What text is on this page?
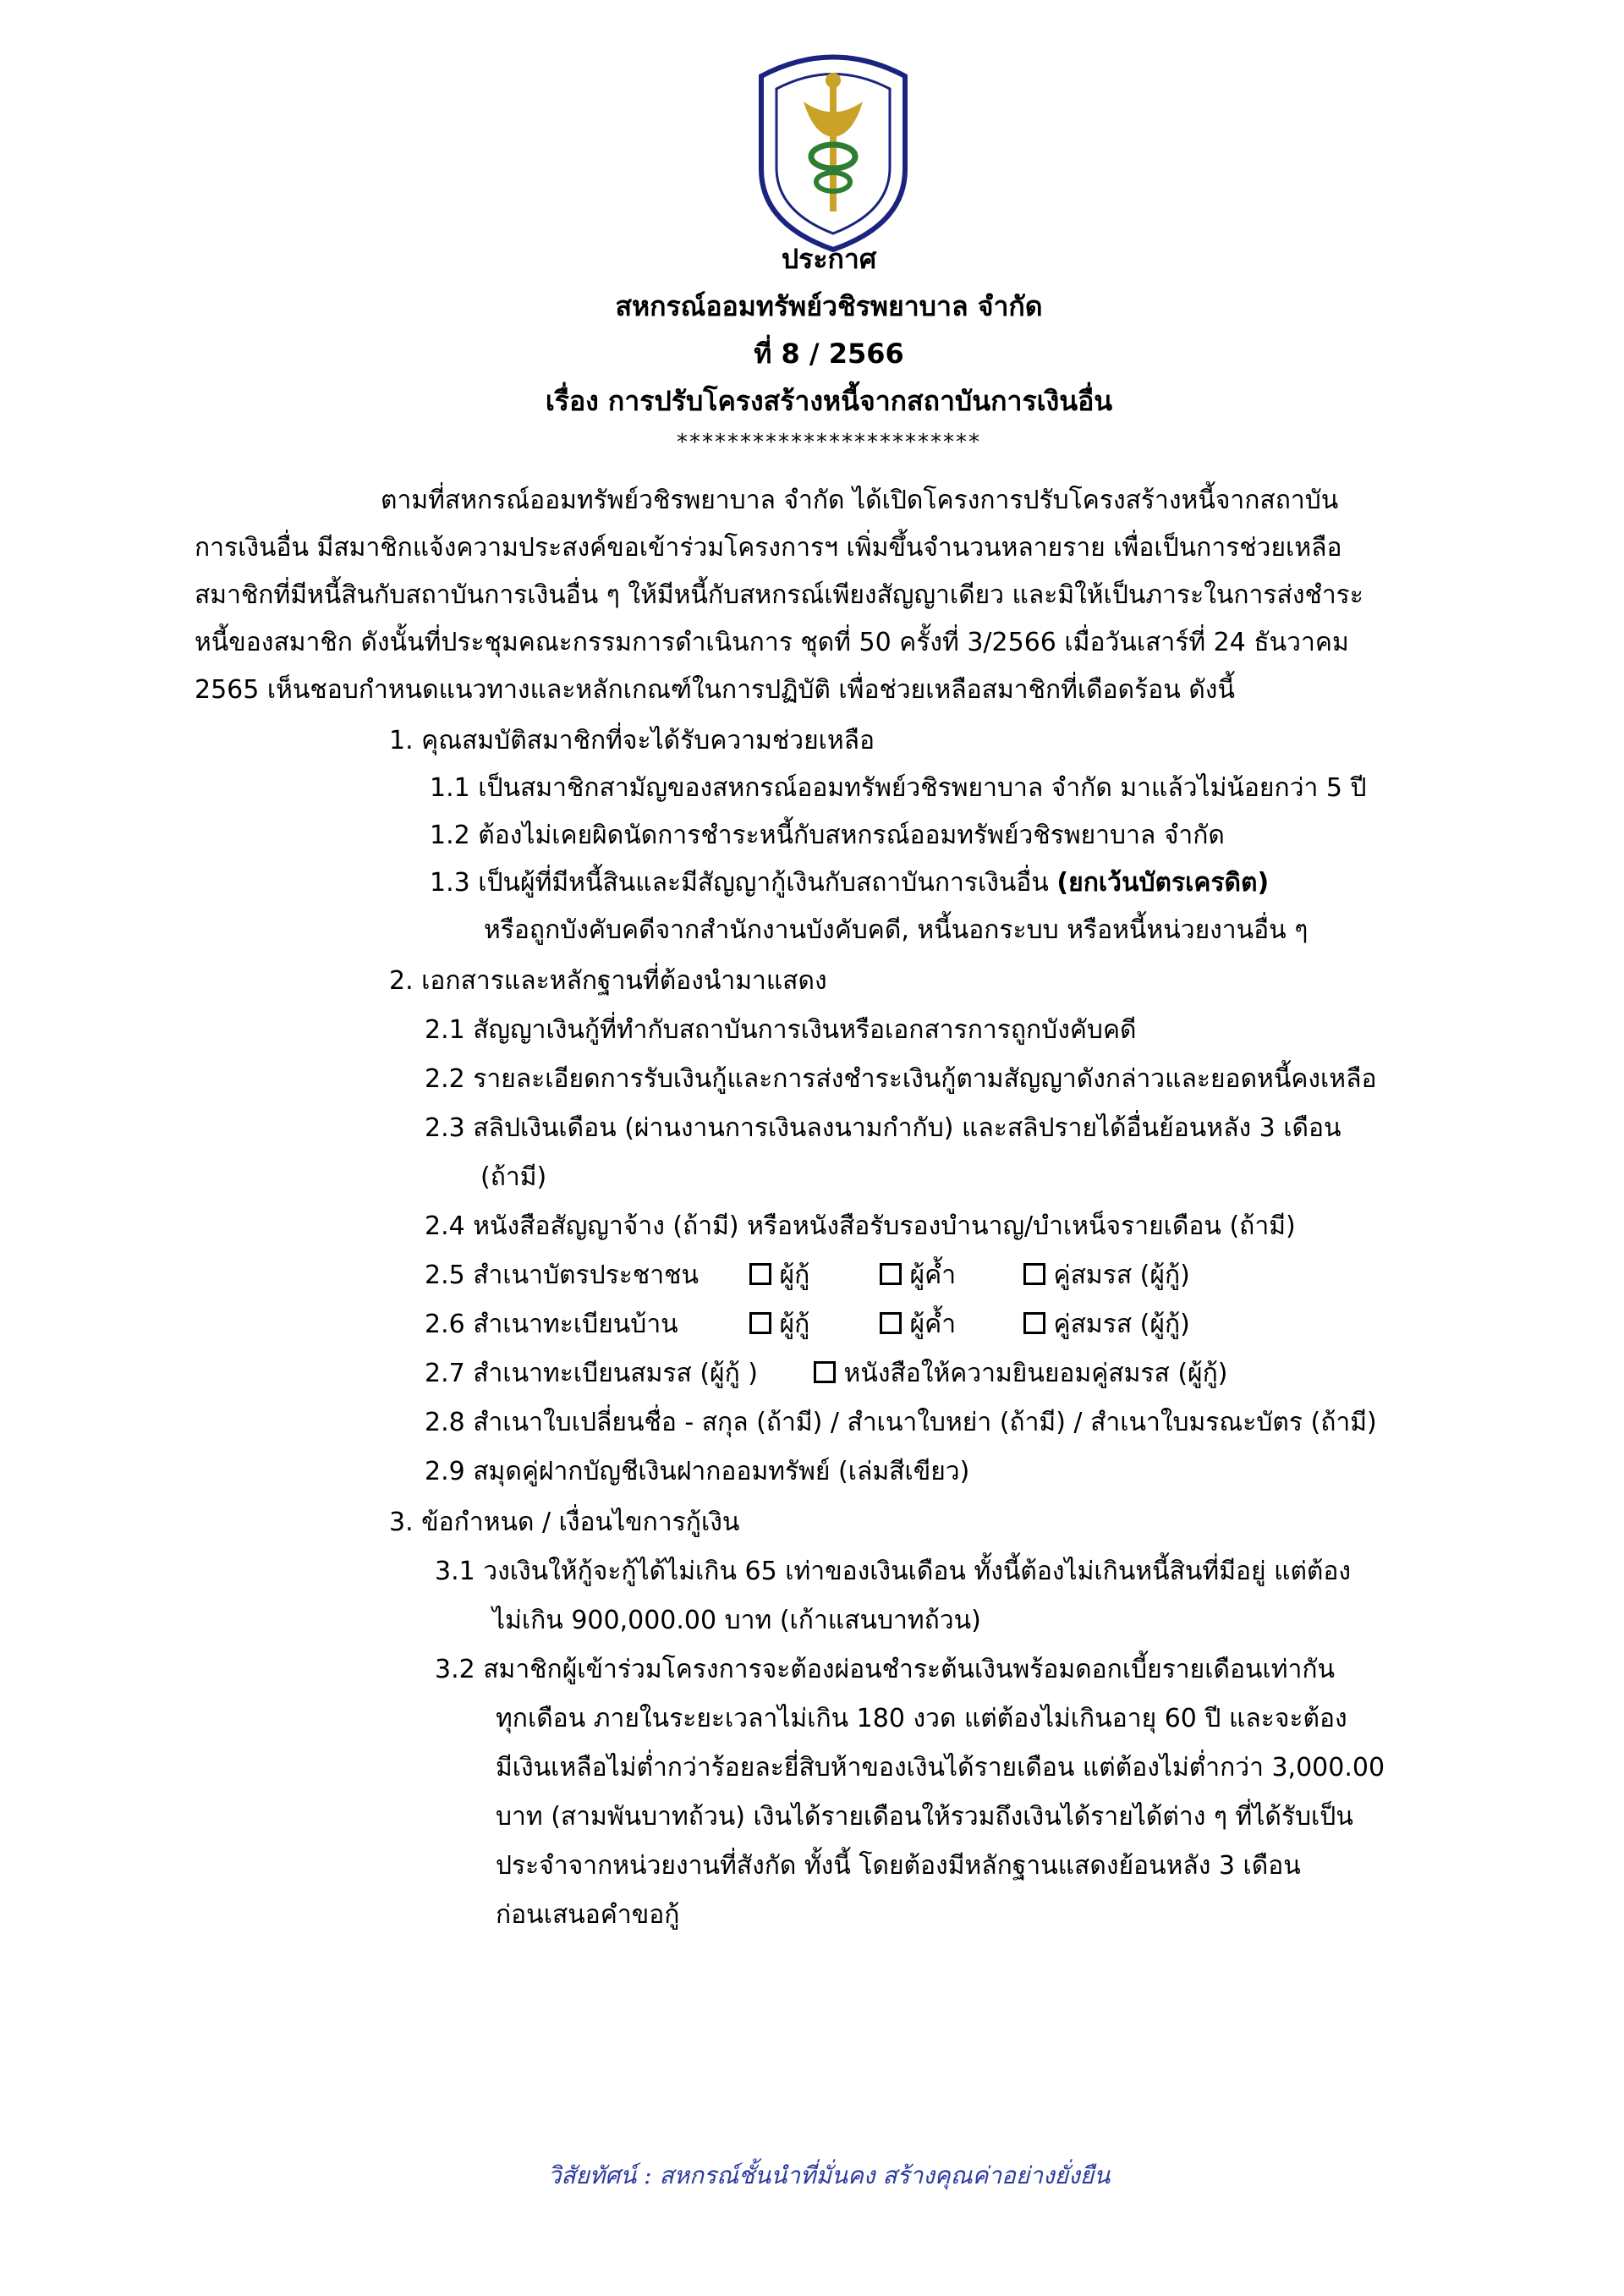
ประกาศ
สหกรณ์ออมทรัพย์วชิรพยาบาล จำกัด
ที่ 8 / 2566
เรื่อง การปรับโครงสร้างหนี้จากสถาบันการเงินอื่น
************************
ตามที่สหกรณ์ออมทรัพย์วชิรพยาบาล จำกัด ได้เปิดโครงการปรับโครงสร้างหนี้จากสถาบัน
การเงินอื่น มีสมาชิกแจ้งความประสงค์ขอเข้าร่วมโครงการฯ เพิ่มขึ้นจำนวนหลายราย เพื่อเป็นการช่วยเหลือ
สมาชิกที่มีหนี้สินกับสถาบันการเงินอื่น ๆ ให้มีหนี้กับสหกรณ์เพียงสัญญาเดียว และมิให้เป็นภาระในการส่งชำระ
หนี้ของสมาชิก ดังนั้นที่ประชุมคณะกรรมการดำเนินการ ชุดที่ 50 ครั้งที่ 3/2566 เมื่อวันเสาร์ที่ 24 ธันวาคม
2565 เห็นชอบกำหนดแนวทางและหลักเกณฑ์ในการปฏิบัติ เพื่อช่วยเหลือสมาชิกที่เดือดร้อน ดังนี้
1. คุณสมบัติสมาชิกที่จะได้รับความช่วยเหลือ
1.1 เป็นสมาชิกสามัญของสหกรณ์ออมทรัพย์วชิรพยาบาล จำกัด มาแล้วไม่น้อยกว่า 5 ปี
1.2 ต้องไม่เคยผิดนัดการชำระหนี้กับสหกรณ์ออมทรัพย์วชิรพยาบาล จำกัด
1.3 เป็นผู้ที่มีหนี้สินและมีสัญญากู้เงินกับสถาบันการเงินอื่น (ยกเว้นบัตรเครดิต)
หรือถูกบังคับคดีจากสำนักงานบังคับคดี, หนี้นอกระบบ หรือหนี้หน่วยงานอื่น ๆ
2. เอกสารและหลักฐานที่ต้องนำมาแสดง
2.1 สัญญาเงินกู้ที่ทำกับสถาบันการเงินหรือเอกสารการถูกบังคับคดี
2.2 รายละเอียดการรับเงินกู้และการส่งชำระเงินกู้ตามสัญญาดังกล่าวและยอดหนี้คงเหลือ
2.3 สลิปเงินเดือน (ผ่านงานการเงินลงนามกำกับ) และสลิปรายได้อื่นย้อนหลัง 3 เดือน
(ถ้ามี)
2.4 หนังสือสัญญาจ้าง (ถ้ามี) หรือหนังสือรับรองบำนาญ/บำเหน็จรายเดือน (ถ้ามี)
2.5 สำเนาบัตรประชาชน	ผู้กู้	ผู้ค้ำ	คู่สมรส (ผู้กู้)
2.6 สำเนาทะเบียนบ้าน	ผู้กู้	ผู้ค้ำ	คู่สมรส (ผู้กู้)
2.7 สำเนาทะเบียนสมรส (ผู้กู้ )	หนังสือให้ความยินยอมคู่สมรส (ผู้กู้)
2.8 สำเนาใบเปลี่ยนชื่อ - สกุล (ถ้ามี) / สำเนาใบหย่า (ถ้ามี) / สำเนาใบมรณะบัตร (ถ้ามี)
2.9 สมุดคู่ฝากบัญชีเงินฝากออมทรัพย์ (เล่มสีเขียว)
3. ข้อกำหนด / เงื่อนไขการกู้เงิน
3.1 วงเงินให้กู้จะกู้ได้ไม่เกิน 65 เท่าของเงินเดือน ทั้งนี้ต้องไม่เกินหนี้สินที่มีอยู่ แต่ต้อง
ไม่เกิน 900,000.00 บาท (เก้าแสนบาทถ้วน)
3.2 สมาชิกผู้เข้าร่วมโครงการจะต้องผ่อนชำระต้นเงินพร้อมดอกเบี้ยรายเดือนเท่ากัน
ทุกเดือน ภายในระยะเวลาไม่เกิน 180 งวด แต่ต้องไม่เกินอายุ 60 ปี และจะต้อง
มีเงินเหลือไม่ต่ำกว่าร้อยละยี่สิบห้าของเงินได้รายเดือน แต่ต้องไม่ต่ำกว่า 3,000.00
บาท (สามพันบาทถ้วน) เงินได้รายเดือนให้รวมถึงเงินได้รายได้ต่าง ๆ ที่ได้รับเป็น
ประจำจากหน่วยงานที่สังกัด ทั้งนี้ โดยต้องมีหลักฐานแสดงย้อนหลัง 3 เดือน
ก่อนเสนอคำขอกู้
วิสัยทัศน์ : สหกรณ์ชั้นนำที่มั่นคง สร้างคุณค่าอย่างยั่งยืน
